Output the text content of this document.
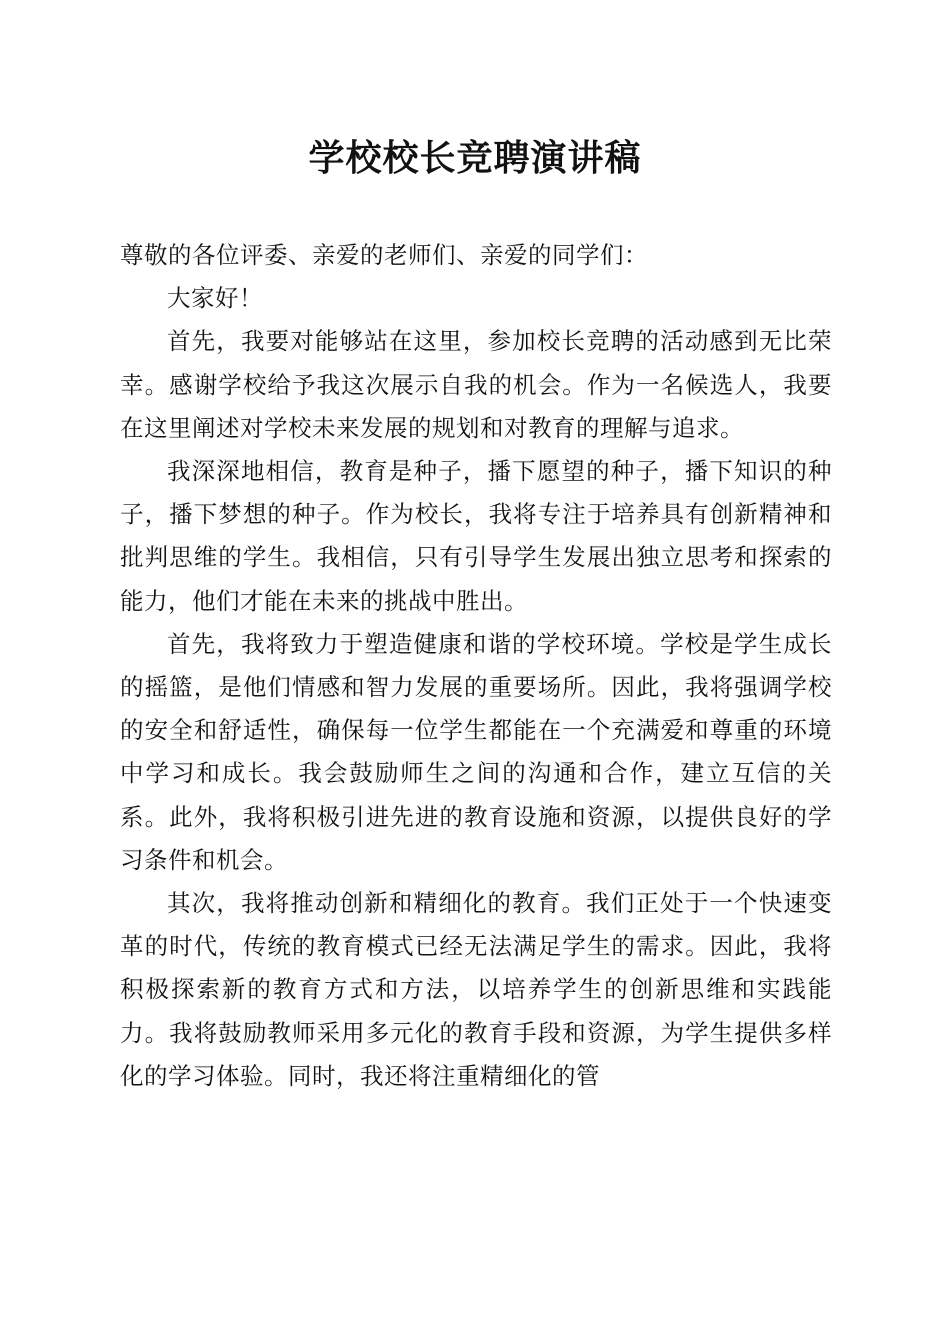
学校校长竞聘演讲稿

尊敬的各位评委、亲爱的老师们、亲爱的同学们：

大家好！

首先，我要对能够站在这里，参加校长竞聘的活动感到无比荣幸。感谢学校给予我这次展示自我的机会。作为一名候选人，我要在这里阐述对学校未来发展的规划和对教育的理解与追求。

我深深地相信，教育是种子，播下愿望的种子，播下知识的种子，播下梦想的种子。作为校长，我将专注于培养具有创新精神和批判思维的学生。我相信，只有引导学生发展出独立思考和探索的能力，他们才能在未来的挑战中胜出。

首先，我将致力于塑造健康和谐的学校环境。学校是学生成长的摇篮，是他们情感和智力发展的重要场所。因此，我将强调学校的安全和舒适性，确保每一位学生都能在一个充满爱和尊重的环境中学习和成长。我会鼓励师生之间的沟通和合作，建立互信的关系。此外，我将积极引进先进的教育设施和资源，以提供良好的学习条件和机会。

其次，我将推动创新和精细化的教育。我们正处于一个快速变革的时代，传统的教育模式已经无法满足学生的需求。因此，我将积极探索新的教育方式和方法，以培养学生的创新思维和实践能力。我将鼓励教师采用多元化的教育手段和资源，为学生提供多样化的学习体验。同时，我还将注重精细化的管
